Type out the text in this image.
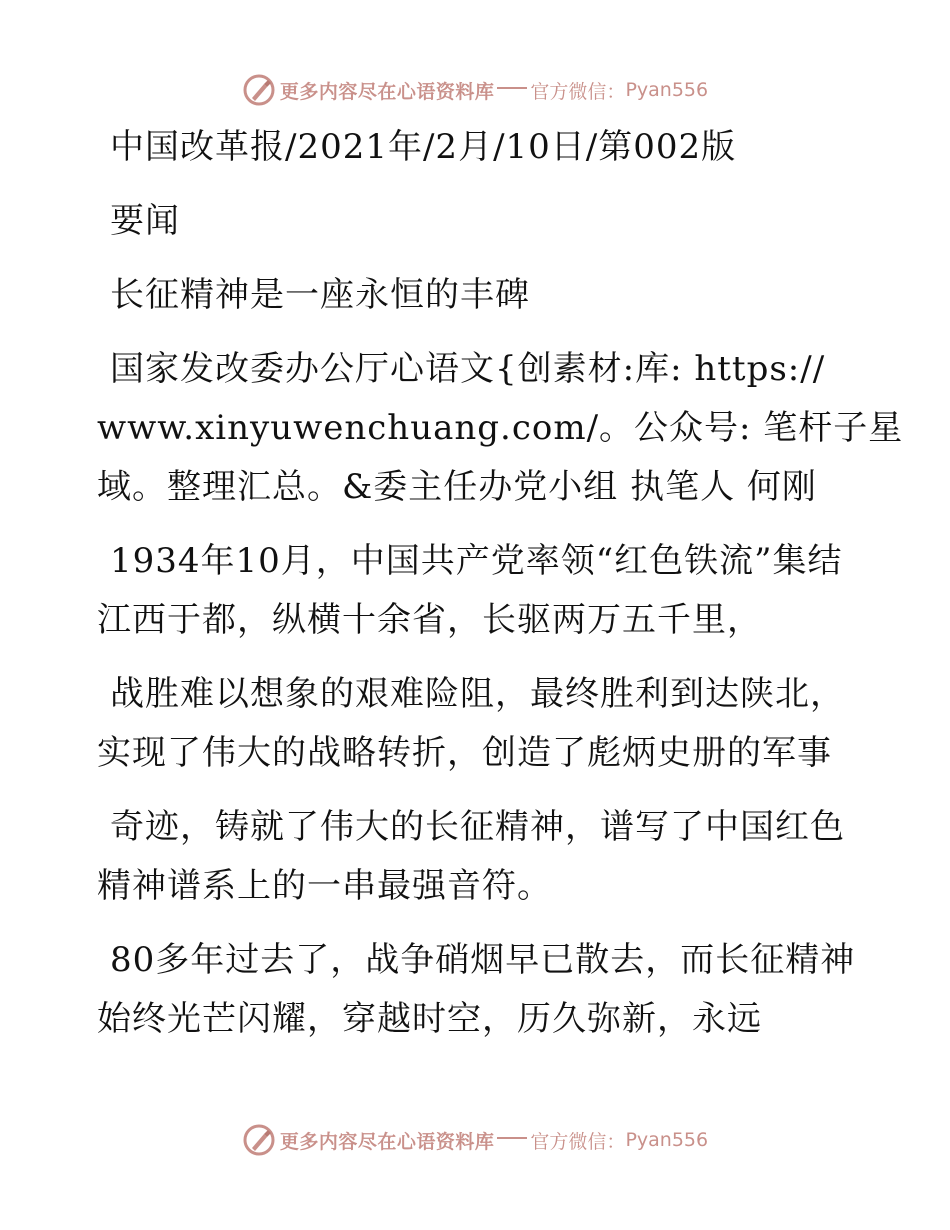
更多内容尽在心语资料库 官方微信： Pyan556
中国改革报/2021年/2月/10日/第002版
要闻
长征精神是一座永恒的丰碑
国家发改委办公厅心语文{创素材:库: https://
www.xinyuwenchuang.com/。公众号: 笔杆子星
域。整理汇总。&委主任办党小组 执笔人 何刚
1934年10月，中国共产党率领“红色铁流”集结
江西于都，纵横十余省，长驱两万五千里，
战胜难以想象的艰难险阻，最终胜利到达陕北，
实现了伟大的战略转折，创造了彪炳史册的军事
奇迹，铸就了伟大的长征精神，谱写了中国红色
精神谱系上的一串最强音符。
80多年过去了，战争硝烟早已散去，而长征精神
始终光芒闪耀，穿越时空，历久弥新，永远
更多内容尽在心语资料库 官方微信： Pyan556
